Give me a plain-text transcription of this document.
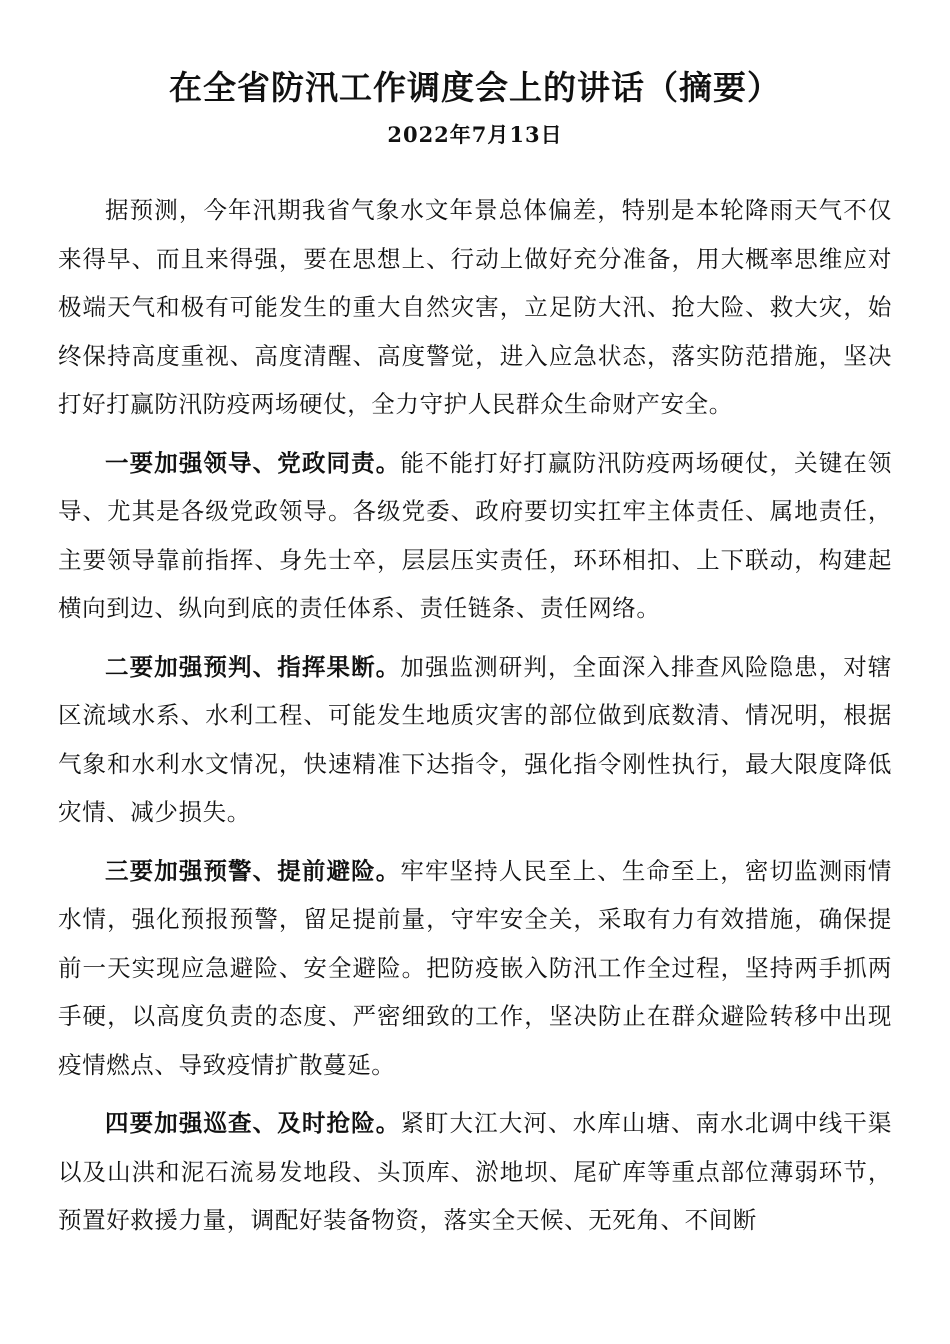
在全省防汛工作调度会上的讲话（摘要）
2022年7月13日

据预测，今年汛期我省气象水文年景总体偏差，特别是本轮降雨天气不仅来得早、而且来得强，要在思想上、行动上做好充分准备，用大概率思维应对极端天气和极有可能发生的重大自然灾害，立足防大汛、抢大险、救大灾，始终保持高度重视、高度清醒、高度警觉，进入应急状态，落实防范措施，坚决打好打赢防汛防疫两场硬仗，全力守护人民群众生命财产安全。

一要加强领导、党政同责。能不能打好打赢防汛防疫两场硬仗，关键在领导、尤其是各级党政领导。各级党委、政府要切实扛牢主体责任、属地责任，主要领导靠前指挥、身先士卒，层层压实责任，环环相扣、上下联动，构建起横向到边、纵向到底的责任体系、责任链条、责任网络。

二要加强预判、指挥果断。加强监测研判，全面深入排查风险隐患，对辖区流域水系、水利工程、可能发生地质灾害的部位做到底数清、情况明，根据气象和水利水文情况，快速精准下达指令，强化指令刚性执行，最大限度降低灾情、减少损失。

三要加强预警、提前避险。牢牢坚持人民至上、生命至上，密切监测雨情水情，强化预报预警，留足提前量，守牢安全关，采取有力有效措施，确保提前一天实现应急避险、安全避险。把防疫嵌入防汛工作全过程，坚持两手抓两手硬，以高度负责的态度、严密细致的工作，坚决防止在群众避险转移中出现疫情燃点、导致疫情扩散蔓延。

四要加强巡查、及时抢险。紧盯大江大河、水库山塘、南水北调中线干渠以及山洪和泥石流易发地段、头顶库、淤地坝、尾矿库等重点部位薄弱环节，预置好救援力量，调配好装备物资，落实全天候、无死角、不间断
